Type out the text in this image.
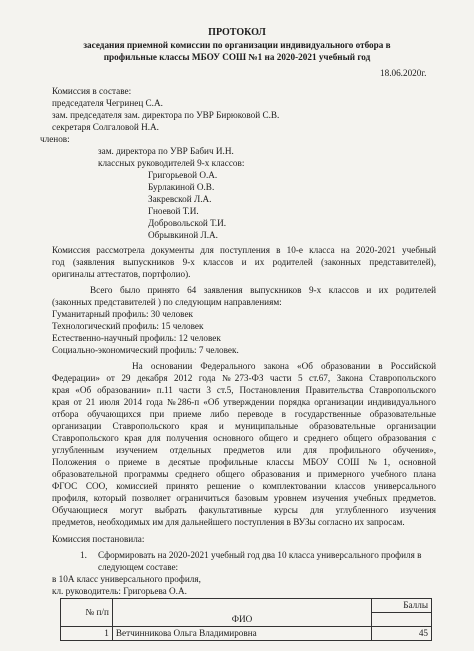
ПРОТОКОЛ
заседания приемной комиссии по организации индивидуального отбора в
профильные классы МБОУ СОШ №1 на 2020-2021 учебный год
18.06.2020г.
Комиссия в составе:
председателя Чегринец С.А.
зам. председателя зам. директора по УВР Бирюковой С.В.
секретаря Солгаловой Н.А.
членов:
зам. директора по УВР Бабич И.Н.
классных руководителей 9-х классов:
Григорьевой О.А.
Бурлакиной О.В.
Закревской Л.А.
Гноевой Т.И.
Добровольской Т.И.
Обрывкиной Л.А.
Комиссия рассмотрела документы для поступления в 10-е класса на 2020-2021 учебный
год (заявления выпускников 9-х классов и их родителей (законных представителей),
оригиналы аттестатов, портфолио).
Всего было принято 64 заявления выпускников 9-х классов и их родителей
(законных представителей ) по следующим направлениям:
Гуманитарный профиль: 30 человек
Технологический профиль: 15 человек
Естественно-научный профиль: 12 человек
Социально-экономический профиль: 7 человек.
На основании Федерального закона «Об образовании в Российской
Федерации» от 29 декабря 2012 года №273-ФЗ части 5 ст.67, Закона Ставропольского
края «Об образовании» п.11 части 3 ст.5, Постановления Правительства Ставропольского
края от 21 июля 2014 года №286-п «Об утверждении порядка организации индивидуального
отбора обучающихся при приеме либо переводе в государственные образовательные
организации Ставропольского края и муниципальные образовательные организации
Ставропольского края для получения основного общего и среднего общего образования с
углубленным изучением отдельных предметов или для профильного обучения»,
Положения о приеме в десятые профильные классы МБОУ СОШ №1, основной
образовательной программы среднего общего образования и примерного учебного плана
ФГОС СОО, комиссией принято решение о комплектовании классов универсального
профиля, который позволяет ограничиться базовым уровнем изучения учебных предметов.
Обучающиеся могут выбрать факультативные курсы для углубленного изучения
предметов, необходимых им для дальнейшего поступления в ВУЗы согласно их запросам.
Комиссия постановила:
1. Сформировать на 2020-2021 учебный год два 10 класса универсального профиля в
следующем составе:
в 10А класс универсального профиля,
кл. руководитель: Григорьева О.А.
№ п/п	ФИО	Баллы

1	Ветчинникова Ольга Владимировна	45
